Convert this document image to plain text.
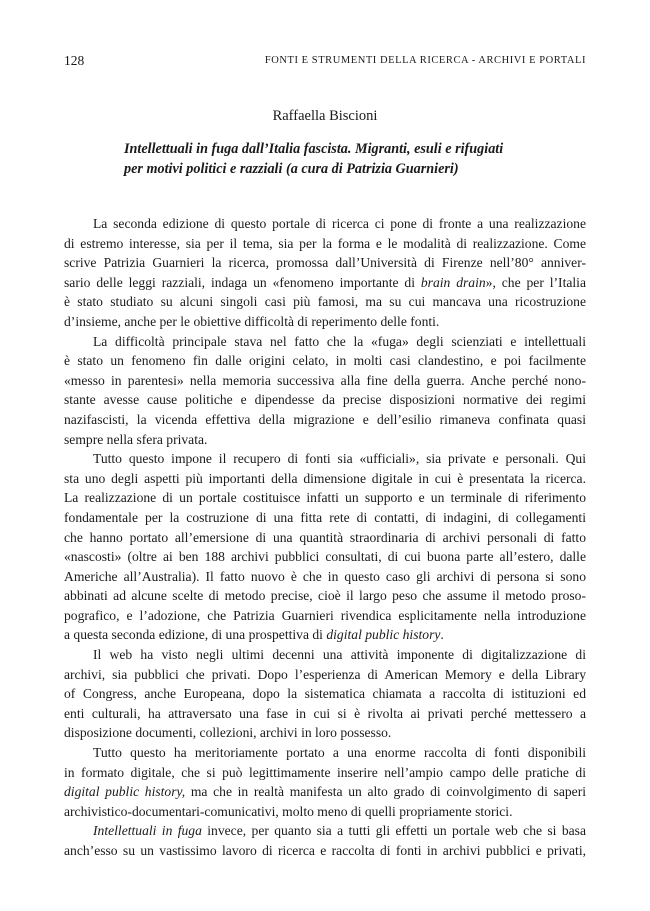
128	FONTI E STRUMENTI DELLA RICERCA - ARCHIVI E PORTALI
Raffaella Biscioni
Intellettuali in fuga dall’Italia fascista. Migranti, esuli e rifugiati
per motivi politici e razziali (a cura di Patrizia Guarnieri)
La seconda edizione di questo portale di ricerca ci pone di fronte a una realizzazione
di estremo interesse, sia per il tema, sia per la forma e le modalità di realizzazione. Come
scrive Patrizia Guarnieri la ricerca, promossa dall’Università di Firenze nell’80° anniver-
sario delle leggi razziali, indaga un «fenomeno importante di brain drain», che per l’Italia
è stato studiato su alcuni singoli casi più famosi, ma su cui mancava una ricostruzione
d’insieme, anche per le obiettive difficoltà di reperimento delle fonti.
La difficoltà principale stava nel fatto che la «fuga» degli scienziati e intellettuali
è stato un fenomeno fin dalle origini celato, in molti casi clandestino, e poi facilmente
«messo in parentesi» nella memoria successiva alla fine della guerra. Anche perché nono-
stante avesse cause politiche e dipendesse da precise disposizioni normative dei regimi
nazifascisti, la vicenda effettiva della migrazione e dell’esilio rimaneva confinata quasi
sempre nella sfera privata.
Tutto questo impone il recupero di fonti sia «ufficiali», sia private e personali. Qui
sta uno degli aspetti più importanti della dimensione digitale in cui è presentata la ricerca.
La realizzazione di un portale costituisce infatti un supporto e un terminale di riferimento
fondamentale per la costruzione di una fitta rete di contatti, di indagini, di collegamenti
che hanno portato all’emersione di una quantità straordinaria di archivi personali di fatto
«nascosti» (oltre ai ben 188 archivi pubblici consultati, di cui buona parte all’estero, dalle
Americhe all’Australia). Il fatto nuovo è che in questo caso gli archivi di persona si sono
abbinati ad alcune scelte di metodo precise, cioè il largo peso che assume il metodo proso-
pografico, e l’adozione, che Patrizia Guarnieri rivendica esplicitamente nella introduzione
a questa seconda edizione, di una prospettiva di digital public history.
Il web ha visto negli ultimi decenni una attività imponente di digitalizzazione di
archivi, sia pubblici che privati. Dopo l’esperienza di American Memory e della Library
of Congress, anche Europeana, dopo la sistematica chiamata a raccolta di istituzioni ed
enti culturali, ha attraversato una fase in cui si è rivolta ai privati perché mettessero a
disposizione documenti, collezioni, archivi in loro possesso.
Tutto questo ha meritoriamente portato a una enorme raccolta di fonti disponibili
in formato digitale, che si può legittimamente inserire nell’ampio campo delle pratiche di
digital public history, ma che in realtà manifesta un alto grado di coinvolgimento di saperi
archivistico-documentari-comunicativi, molto meno di quelli propriamente storici.
Intellettuali in fuga invece, per quanto sia a tutti gli effetti un portale web che si basa
anch’esso su un vastissimo lavoro di ricerca e raccolta di fonti in archivi pubblici e privati,
